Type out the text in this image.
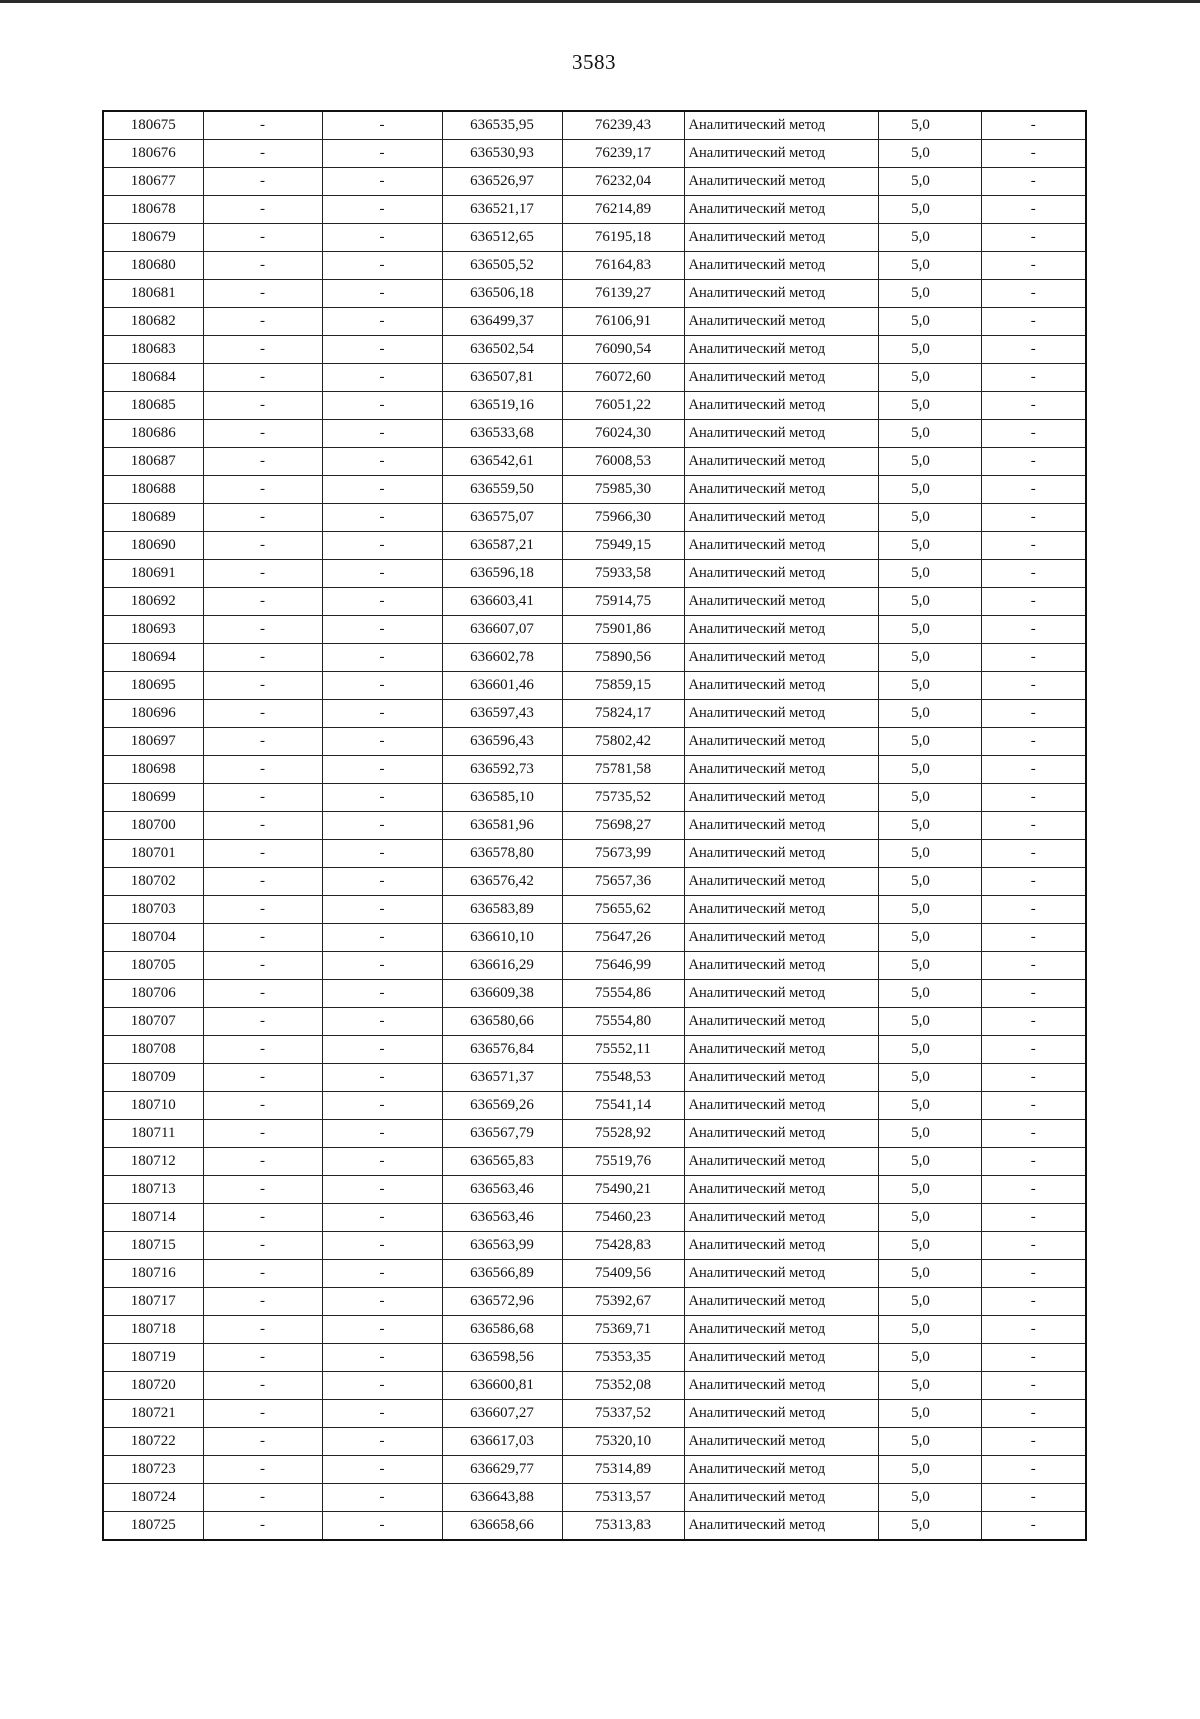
3583
180675	-	-	636535,95	76239,43	Аналитический метод	5,0	-
180676	-	-	636530,93	76239,17	Аналитический метод	5,0	-
180677	-	-	636526,97	76232,04	Аналитический метод	5,0	-
180678	-	-	636521,17	76214,89	Аналитический метод	5,0	-
180679	-	-	636512,65	76195,18	Аналитический метод	5,0	-
180680	-	-	636505,52	76164,83	Аналитический метод	5,0	-
180681	-	-	636506,18	76139,27	Аналитический метод	5,0	-
180682	-	-	636499,37	76106,91	Аналитический метод	5,0	-
180683	-	-	636502,54	76090,54	Аналитический метод	5,0	-
180684	-	-	636507,81	76072,60	Аналитический метод	5,0	-
180685	-	-	636519,16	76051,22	Аналитический метод	5,0	-
180686	-	-	636533,68	76024,30	Аналитический метод	5,0	-
180687	-	-	636542,61	76008,53	Аналитический метод	5,0	-
180688	-	-	636559,50	75985,30	Аналитический метод	5,0	-
180689	-	-	636575,07	75966,30	Аналитический метод	5,0	-
180690	-	-	636587,21	75949,15	Аналитический метод	5,0	-
180691	-	-	636596,18	75933,58	Аналитический метод	5,0	-
180692	-	-	636603,41	75914,75	Аналитический метод	5,0	-
180693	-	-	636607,07	75901,86	Аналитический метод	5,0	-
180694	-	-	636602,78	75890,56	Аналитический метод	5,0	-
180695	-	-	636601,46	75859,15	Аналитический метод	5,0	-
180696	-	-	636597,43	75824,17	Аналитический метод	5,0	-
180697	-	-	636596,43	75802,42	Аналитический метод	5,0	-
180698	-	-	636592,73	75781,58	Аналитический метод	5,0	-
180699	-	-	636585,10	75735,52	Аналитический метод	5,0	-
180700	-	-	636581,96	75698,27	Аналитический метод	5,0	-
180701	-	-	636578,80	75673,99	Аналитический метод	5,0	-
180702	-	-	636576,42	75657,36	Аналитический метод	5,0	-
180703	-	-	636583,89	75655,62	Аналитический метод	5,0	-
180704	-	-	636610,10	75647,26	Аналитический метод	5,0	-
180705	-	-	636616,29	75646,99	Аналитический метод	5,0	-
180706	-	-	636609,38	75554,86	Аналитический метод	5,0	-
180707	-	-	636580,66	75554,80	Аналитический метод	5,0	-
180708	-	-	636576,84	75552,11	Аналитический метод	5,0	-
180709	-	-	636571,37	75548,53	Аналитический метод	5,0	-
180710	-	-	636569,26	75541,14	Аналитический метод	5,0	-
180711	-	-	636567,79	75528,92	Аналитический метод	5,0	-
180712	-	-	636565,83	75519,76	Аналитический метод	5,0	-
180713	-	-	636563,46	75490,21	Аналитический метод	5,0	-
180714	-	-	636563,46	75460,23	Аналитический метод	5,0	-
180715	-	-	636563,99	75428,83	Аналитический метод	5,0	-
180716	-	-	636566,89	75409,56	Аналитический метод	5,0	-
180717	-	-	636572,96	75392,67	Аналитический метод	5,0	-
180718	-	-	636586,68	75369,71	Аналитический метод	5,0	-
180719	-	-	636598,56	75353,35	Аналитический метод	5,0	-
180720	-	-	636600,81	75352,08	Аналитический метод	5,0	-
180721	-	-	636607,27	75337,52	Аналитический метод	5,0	-
180722	-	-	636617,03	75320,10	Аналитический метод	5,0	-
180723	-	-	636629,77	75314,89	Аналитический метод	5,0	-
180724	-	-	636643,88	75313,57	Аналитический метод	5,0	-
180725	-	-	636658,66	75313,83	Аналитический метод	5,0	-
